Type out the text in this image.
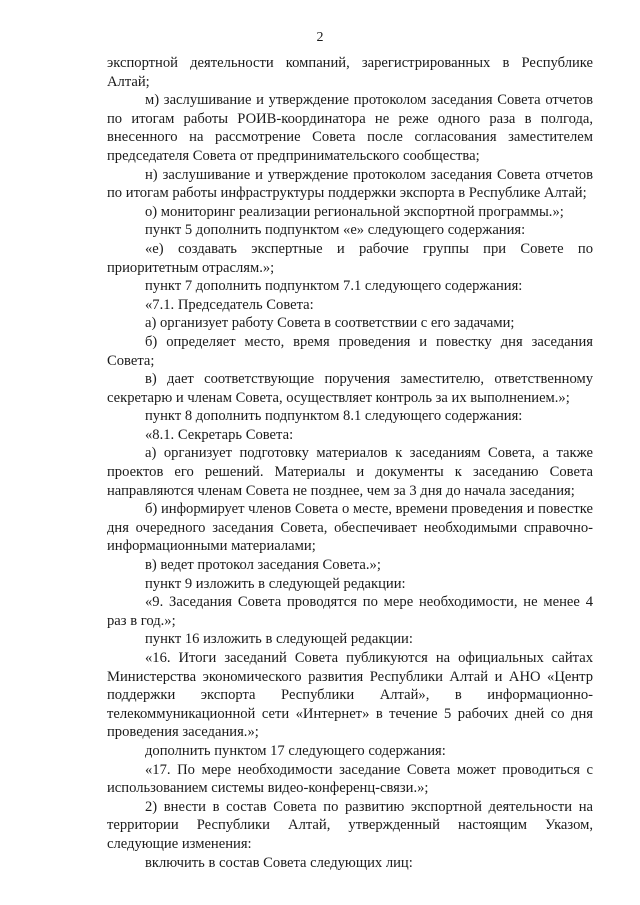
2

экспортной деятельности компаний, зарегистрированных в Республике Алтай;

м) заслушивание и утверждение протоколом заседания Совета отчетов по итогам работы РОИВ-координатора не реже одного раза в полгода, внесенного на рассмотрение Совета после согласования заместителем председателя Совета от предпринимательского сообщества;

н) заслушивание и утверждение протоколом заседания Совета отчетов по итогам работы инфраструктуры поддержки экспорта в Республике Алтай;

о) мониторинг реализации региональной экспортной программы.»;

пункт 5 дополнить подпунктом «е» следующего содержания:

«е) создавать экспертные и рабочие группы при Совете по приоритетным отраслям.»;

пункт 7 дополнить подпунктом 7.1 следующего содержания:

«7.1. Председатель Совета:

а) организует работу Совета в соответствии с его задачами;

б) определяет место, время проведения и повестку дня заседания Совета;

в) дает соответствующие поручения заместителю, ответственному секретарю и членам Совета, осуществляет контроль за их выполнением.»;

пункт 8 дополнить подпунктом 8.1 следующего содержания:

«8.1. Секретарь Совета:

а) организует подготовку материалов к заседаниям Совета, а также проектов его решений. Материалы и документы к заседанию Совета направляются членам Совета не позднее, чем за 3 дня до начала заседания;

б) информирует членов Совета о месте, времени проведения и повестке дня очередного заседания Совета, обеспечивает необходимыми справочно-информационными материалами;

в) ведет протокол заседания Совета.»;

пункт 9 изложить в следующей редакции:

«9. Заседания Совета проводятся по мере необходимости, не менее 4 раз в год.»;

пункт 16 изложить в следующей редакции:

«16. Итоги заседаний Совета публикуются на официальных сайтах Министерства экономического развития Республики Алтай и АНО «Центр поддержки экспорта Республики Алтай», в информационно-телекоммуникационной сети «Интернет» в течение 5 рабочих дней со дня проведения заседания.»;

дополнить пунктом 17 следующего содержания:

«17. По мере необходимости заседание Совета может проводиться с использованием системы видео-конференц-связи.»;

2) внести в состав Совета по развитию экспортной деятельности на территории Республики Алтай, утвержденный настоящим Указом, следующие изменения:

включить в состав Совета следующих лиц:
